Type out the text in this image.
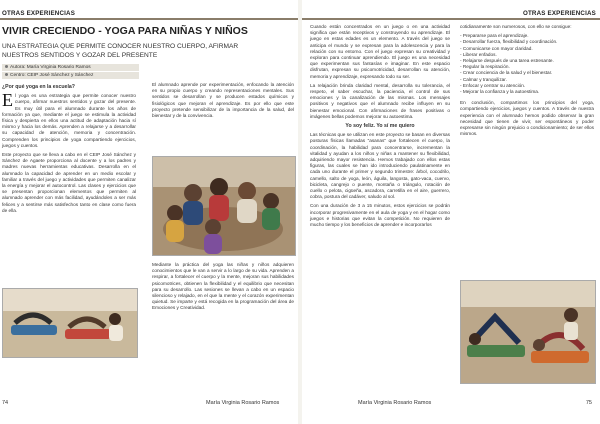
OTRAS EXPERIENCIAS
VIVIR CRECIENDO - YOGA PARA NIÑAS Y NIÑOS
UNA ESTRATEGIA QUE PERMITE CONOCER NUESTRO CUERPO, AFIRMAR NUESTROS SENTIDOS Y GOZAR DEL PRESENTE
Autora: María Virginia Rosario Ramos
Centro: CEIP José Sánchez y Sánchez
¿Por qué yoga en la escuela?

El yoga es una estrategia que permite conocer nuestro cuerpo, afirmar nuestros sentidos y gozar del presente. Es muy útil para el alumnado durante los años de formación ya que, mediante el juego se estimula la actividad física y despierta en ellos una actitud de adaptación hacia sí mismo y hacia los demás. Aprenden a relajarse y a desarrollar su capacidad de atención, memoria y concentración. Comprenden los principios de yoga compartiendo ejercicios, juegos y cuentos.

Este proyecto que se lleva a cabo en el CEIP José Sánchez y Sánchez de Agaete proporciona al docente y a los padres y madres nuevas herramientas educativas. Desarrolla en el alumnado la capacidad de aprender en un medio escolar y familiar a través del juego y actividades que permiten canalizar la energía y mejorar el autocontrol. Las clases y ejercicios que se presentan proporcionan elementos que permiten al alumnado aprender con más facilidad, ayudándoles a ser más felices y a sentirse más satisfechos tanto en clase como fuera de ella.

El alumnado aprende por experimentación, enfocando la atención en su propio cuerpo y creando representaciones mentales. Sus sentidos se desarrollan y se producen estados químicos y fisiológicos que mejoran el aprendizaje. Es por ello que este proyecto pretende sensibilizar de la importancia de la salud, del bienestar y de la convivencia.

Mediante la práctica del yoga las niñas y niños adquieren conocimientos que le van a servir a lo largo de su vida. Aprenden a respirar, a fortalecer el cuerpo y la mente, mejoran sus habilidades psicomotrices, obtienen la flexibilidad y el equilibrio que necesitan para su desarrollo. Las sesiones se llevan a cabo en un espacio silencioso y relajado, en el que la mente y el corazón experimentan quietud. Se imparte y está recogida en la programación del área de Emociones y Creatividad.

74	María Virginia Rosario Ramos
OTRAS EXPERIENCIAS

Cuando están concentrados en un juego o en una actividad significa que están receptivos y construyendo su aprendizaje. El juego en estas edades es un elemento. A través del juego se anticipa el mundo y se expresan para la adolescencia y para la relación con su entorno. Con el juego expresan su creatividad y exploran para continuar aprendiendo. El juego es una necesidad que experimentan sus fantasías e imaginar. En este espacio disfrutan, expresan su psicomotricidad, desarrollan su atención, memoria y aprendizaje, expresando todo su ser.

La relajación brinda claridad mental, desarrolla su tolerancia, el respeto, el saber escuchar, la paciencia, el control de sus emociones y la canalización de las mismas. Los mensajes positivos y negativos que el alumnado recibe influyen en su bienestar emocional. Con afirmaciones de frases positivas o imágenes bellas podemos mejorar su autoestima.

Yo soy feliz. Yo sí me quiero

Las técnicas que se utilizan en este proyecto se basan en diversas posturas físicas llamadas “asanas” que fortalecen el cuerpo, la coordinación, la habilidad para concentrarse, incrementan la vitalidad y ayudan a los niños y niñas a mantener su flexibilidad, adquiriendo mayor resistencia. Hemos trabajado con ellos estas figuras, las cuales se han ido introduciendo paulatinamente en cada uno durante el primer y segundo trimestre: árbol, cocodrilo, camello, salto de yoga, león, águila, langosta, gato-vaca, cuervo, bicicleta, cangrejo o puente, montaña o triángulo, rotación de cuello o pelota, cigüeña, ascadora, carretilla en el aire, guerrero, cobra, postura del cadáver, saludo al sol.

Con una duración de 3 a 15 minutos, estos ejercicios se podrán incorporar progresivamente en el aula de yoga y en el hogar como juegos e historias que evitan la competición. No requieren de mucho tiempo y los beneficios de aprender e incorporarlos

cotidianamente son numerosos, con ello se consigue:

- Prepararse para el aprendizaje.
- Desarrollar fuerza, flexibilidad y coordinación.
- Comunicarse con mayor claridad.
- Liberar enfados.
- Relajarse después de una tarea estresante.
- Regular la respiración.
- Crear conciencia de la salud y el bienestar.
- Calmar y tranquilizar.
- Enfocar y centrar su atención.
- Mejorar la confianza y la autoestima.

En conclusión, compartimos los principios del yoga, compartiendo ejercicios, juegos y cuentos. A través de nuestra experiencia con el alumnado hemos podido observar la gran necesidad que tienen de vivir, ser espontáneos y poder expresarse sin ningún prejuicio o condicionamiento; de ser ellos mismos.

María Virginia Rosario Ramos	75
